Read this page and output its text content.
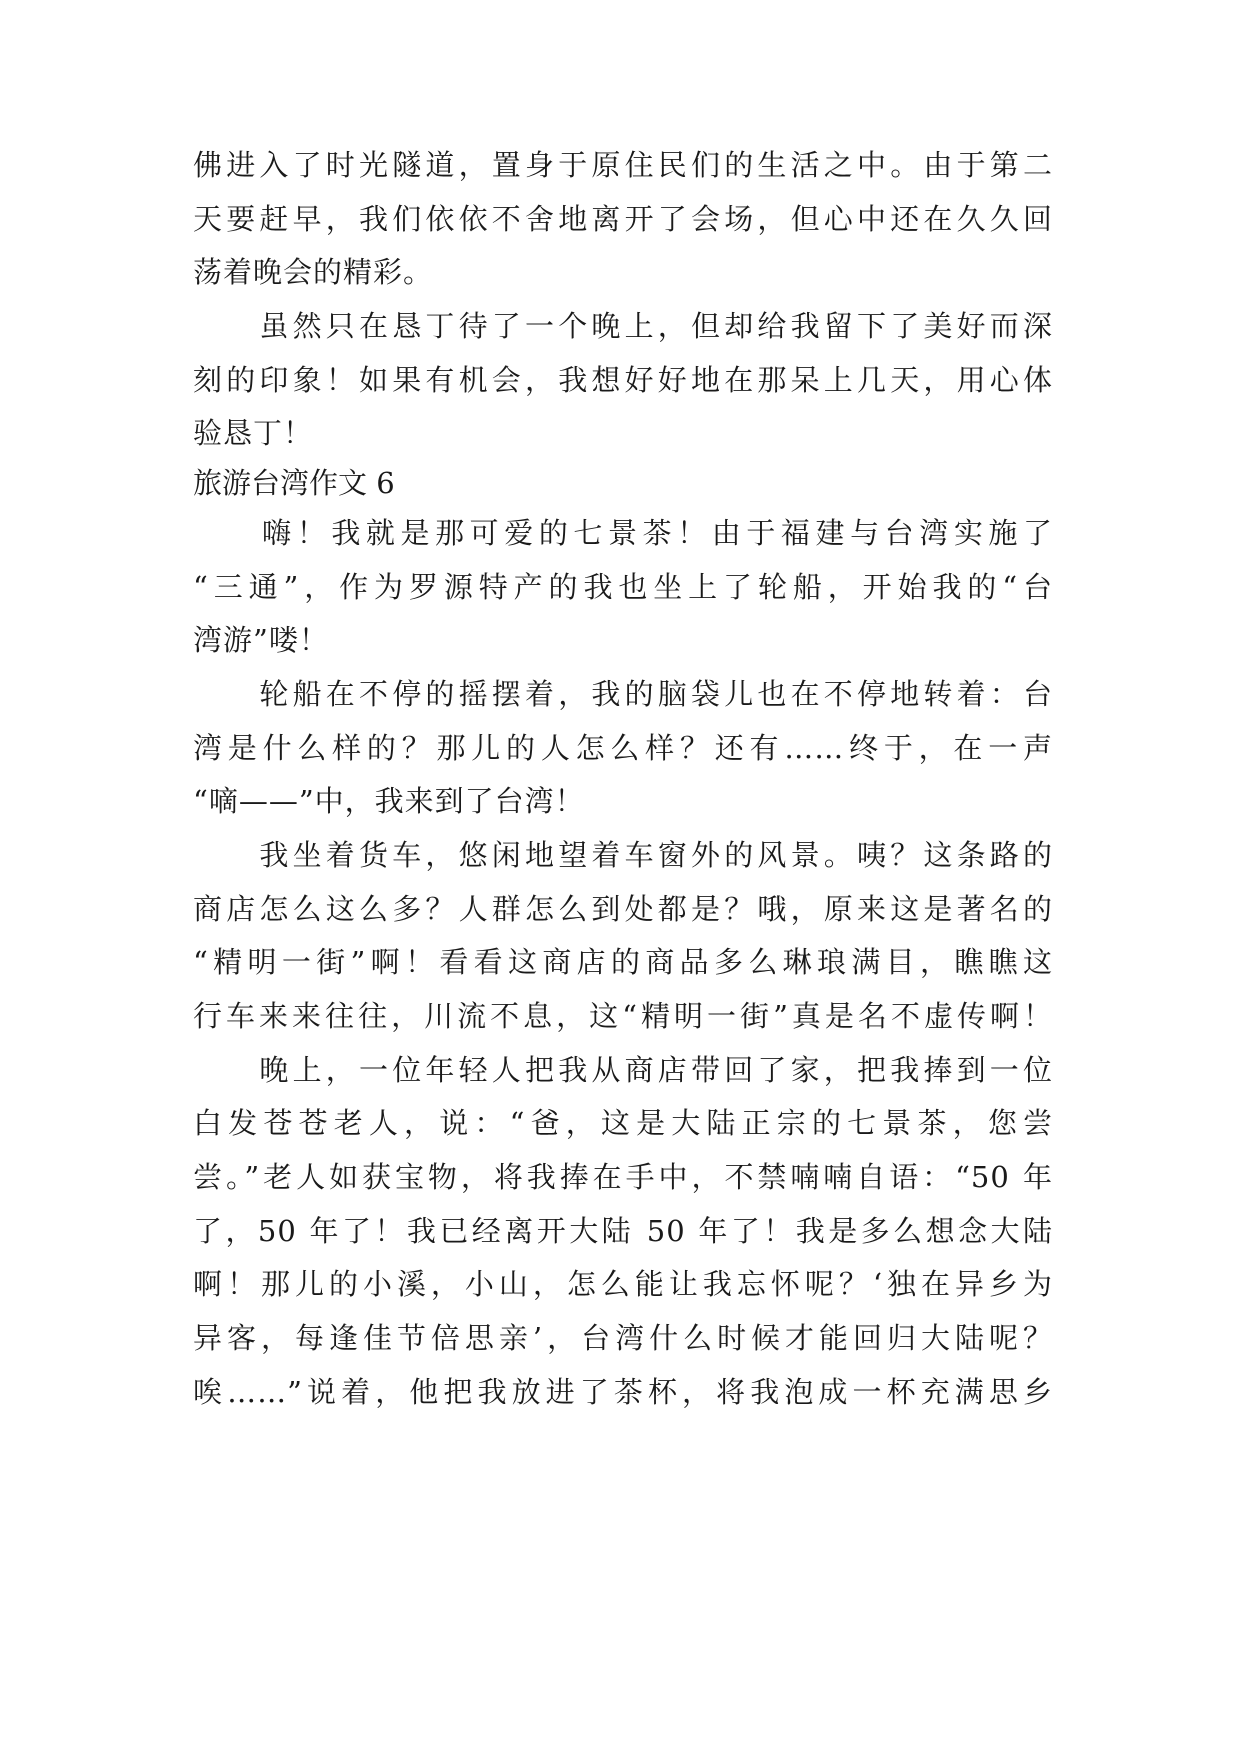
佛进入了时光隧道，置身于原住民们的生活之中。由于第二
天要赶早，我们依依不舍地离开了会场，但心中还在久久回
荡着晚会的精彩。
　　虽然只在恳丁待了一个晚上，但却给我留下了美好而深
刻的印象！如果有机会，我想好好地在那呆上几天，用心体
验恳丁！
旅游台湾作文 6
　　嗨！我就是那可爱的七景茶！由于福建与台湾实施了
“三通”，作为罗源特产的我也坐上了轮船，开始我的“台
湾游”喽！
　　轮船在不停的摇摆着，我的脑袋儿也在不停地转着：台
湾是什么样的？那儿的人怎么样？还有……终于，在一声
“嘀——”中，我来到了台湾！
　　我坐着货车，悠闲地望着车窗外的风景。咦？这条路的
商店怎么这么多？人群怎么到处都是？哦，原来这是著名的
“精明一街”啊！看看这商店的商品多么琳琅满目，瞧瞧这
行车来来往往，川流不息，这“精明一街”真是名不虚传啊！
　　晚上，一位年轻人把我从商店带回了家，把我捧到一位
白发苍苍老人，说：“爸，这是大陆正宗的七景茶，您尝
尝。”老人如获宝物，将我捧在手中，不禁喃喃自语：“50 年
了，50 年了！我已经离开大陆 50 年了！我是多么想念大陆
啊！那儿的小溪，小山，怎么能让我忘怀呢？‘独在异乡为
异客，每逢佳节倍思亲’，台湾什么时候才能回归大陆呢？
唉……”说着，他把我放进了茶杯，将我泡成一杯充满思乡
